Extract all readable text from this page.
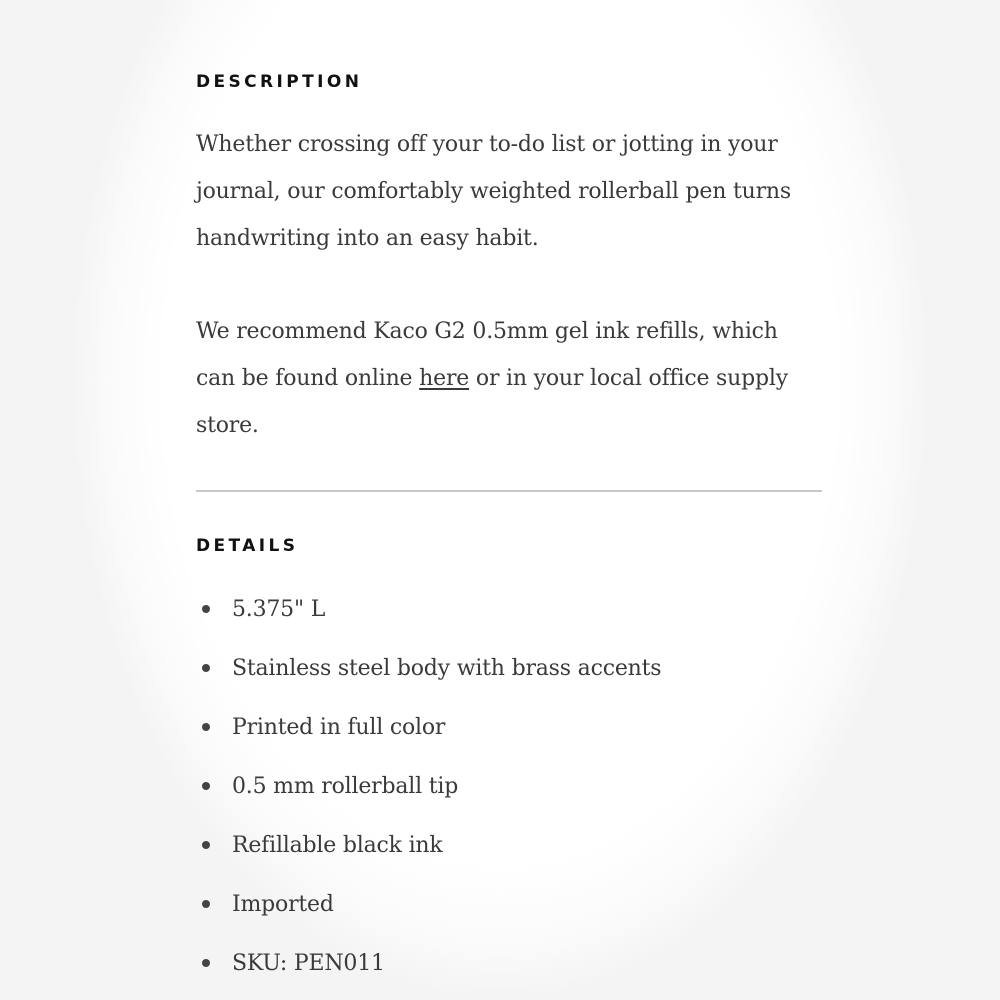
DESCRIPTION

Whether crossing off your to-do list or jotting in your journal, our comfortably weighted rollerball pen turns handwriting into an easy habit.

We recommend Kaco G2 0.5mm gel ink refills, which can be found online here or in your local office supply store.

DETAILS
5.375" L
Stainless steel body with brass accents
Printed in full color
0.5 mm rollerball tip
Refillable black ink
Imported
SKU: PEN011
